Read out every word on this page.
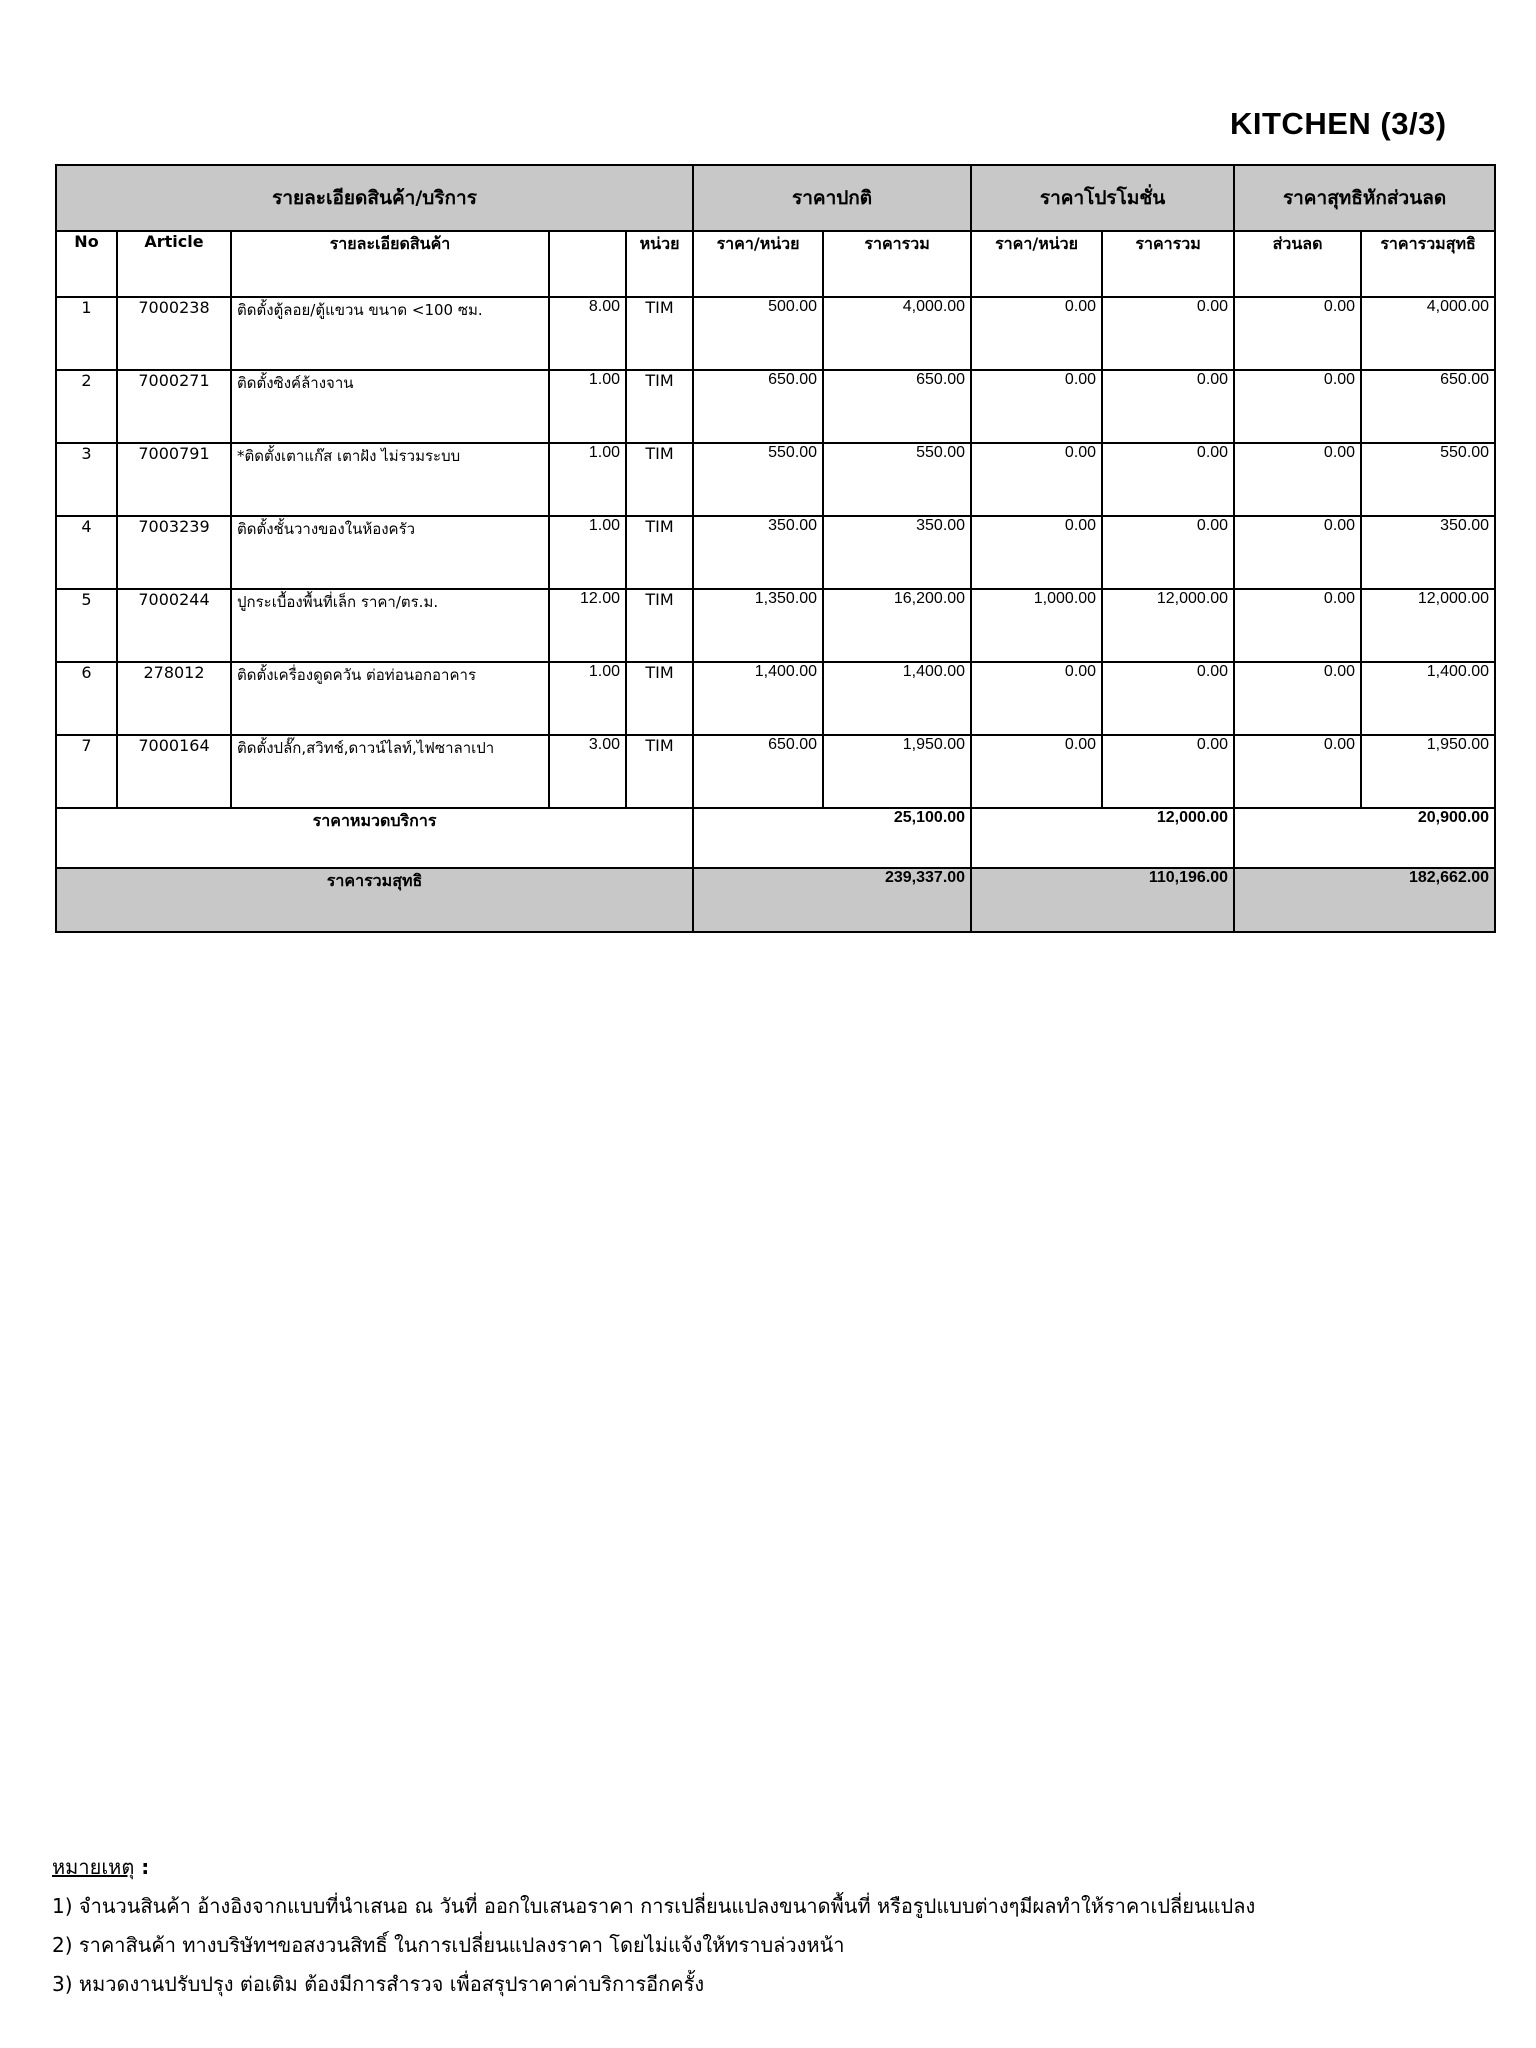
KITCHEN (3/3)
รายละเอียดสินค้า/บริการ					ราคาปกติ		ราคาโปรโมชั่น		ราคาสุทธิหักส่วนลด	
No	Article	รายละเอียดสินค้า		หน่วย	ราคา/หน่วย	ราคารวม	ราคา/หน่วย	ราคารวม	ส่วนลด	ราคารวมสุทธิ
1	7000238	ติดตั้งตู้ลอย/ตู้แขวน ขนาด <100 ซม.	8.00	TIM	500.00	4,000.00	0.00	0.00	0.00	4,000.00
2	7000271	ติดตั้งซิงค์ล้างจาน	1.00	TIM	650.00	650.00	0.00	0.00	0.00	650.00
3	7000791	*ติดตั้งเตาแก๊ส เตาฝัง ไม่รวมระบบ	1.00	TIM	550.00	550.00	0.00	0.00	0.00	550.00
4	7003239	ติดตั้งชั้นวางของในห้องครัว	1.00	TIM	350.00	350.00	0.00	0.00	0.00	350.00
5	7000244	ปูกระเบื้องพื้นที่เล็ก ราคา/ตร.ม.	12.00	TIM	1,350.00	16,200.00	1,000.00	12,000.00	0.00	12,000.00
6	278012	ติดตั้งเครื่องดูดควัน ต่อท่อนอกอาคาร	1.00	TIM	1,400.00	1,400.00	0.00	0.00	0.00	1,400.00
7	7000164	ติดตั้งปลั๊ก,สวิทช์,ดาวน์ไลท์,ไฟซาลาเปา	3.00	TIM	650.00	1,950.00	0.00	0.00	0.00	1,950.00
ราคาหมวดบริการ					25,100.00		12,000.00		20,900.00	
ราคารวมสุทธิ					239,337.00		110,196.00		182,662.00	
หมายเหตุ :
1) จำนวนสินค้า อ้างอิงจากแบบที่นำเสนอ ณ วันที่ ออกใบเสนอราคา การเปลี่ยนแปลงขนาดพื้นที่ หรือรูปแบบต่างๆมีผลทำให้ราคาเปลี่ยนแปลง
2) ราคาสินค้า ทางบริษัทฯขอสงวนสิทธิ์ ในการเปลี่ยนแปลงราคา โดยไม่แจ้งให้ทราบล่วงหน้า
3) หมวดงานปรับปรุง ต่อเติม ต้องมีการสำรวจ เพื่อสรุปราคาค่าบริการอีกครั้ง
